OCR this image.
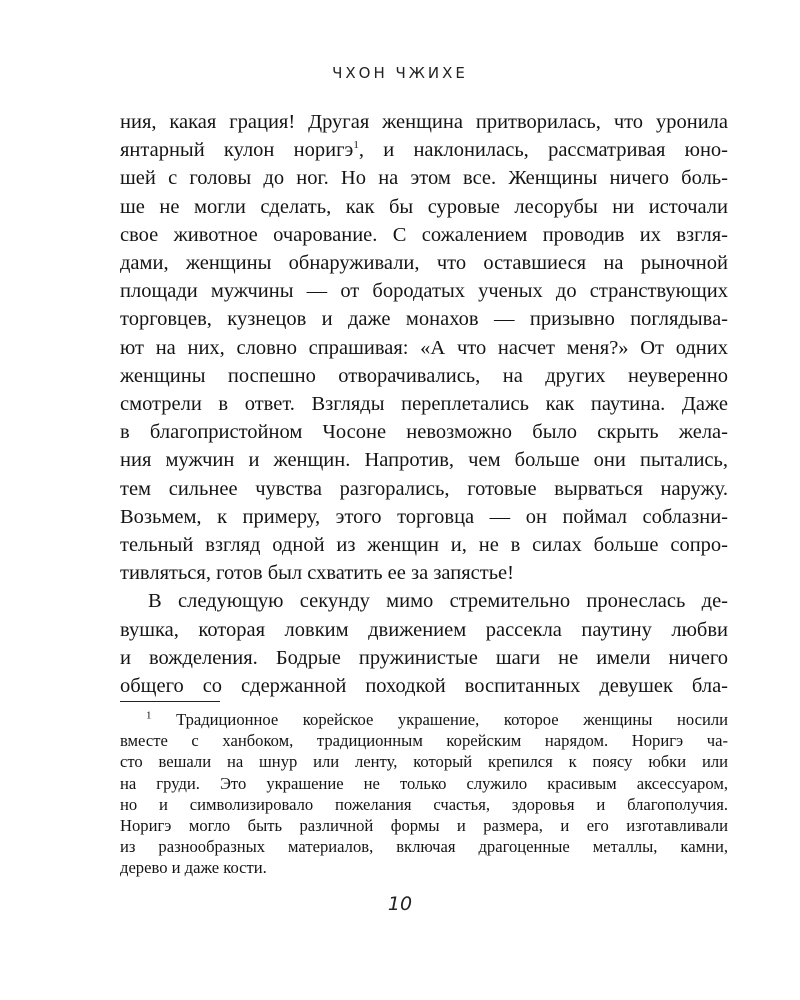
ЧХОН ЧЖИХЕ
ния, какая грация! Другая женщина притворилась, что уронила
янтарный кулон норигэ$^1$, и наклонилась, рассматривая юно-
шей с головы до ног. Но на этом все. Женщины ничего боль-
ше не могли сделать, как бы суровые лесорубы ни источали
свое животное очарование. С сожалением проводив их взгля-
дами, женщины обнаруживали, что оставшиеся на рыночной
площади мужчины — от бородатых ученых до странствующих
торговцев, кузнецов и даже монахов — призывно поглядыва-
ют на них, словно спрашивая: «А что насчет меня?» От одних
женщины поспешно отворачивались, на других неуверенно
смотрели в ответ. Взгляды переплетались как паутина. Даже
в благопристойном Чосоне невозможно было скрыть жела-
ния мужчин и женщин. Напротив, чем больше они пытались,
тем сильнее чувства разгорались, готовые вырваться наружу.
Возьмем, к примеру, этого торговца — он поймал соблазни-
тельный взгляд одной из женщин и, не в силах больше сопро-
тивляться, готов был схватить ее за запястье!
В следующую секунду мимо стремительно пронеслась де-
вушка, которая ловким движением рассекла паутину любви
и вожделения. Бодрые пружинистые шаги не имели ничего
общего со сдержанной походкой воспитанных девушек бла-
$^1$ Традиционное корейское украшение, которое женщины носили
вместе с ханбоком, традиционным корейским нарядом. Норигэ ча-
сто вешали на шнур или ленту, который крепился к поясу юбки или
на груди. Это украшение не только служило красивым аксессуаром,
но и символизировало пожелания счастья, здоровья и благополучия.
Норигэ могло быть различной формы и размера, и его изготавливали
из разнообразных материалов, включая драгоценные металлы, камни,
дерево и даже кости.
10
